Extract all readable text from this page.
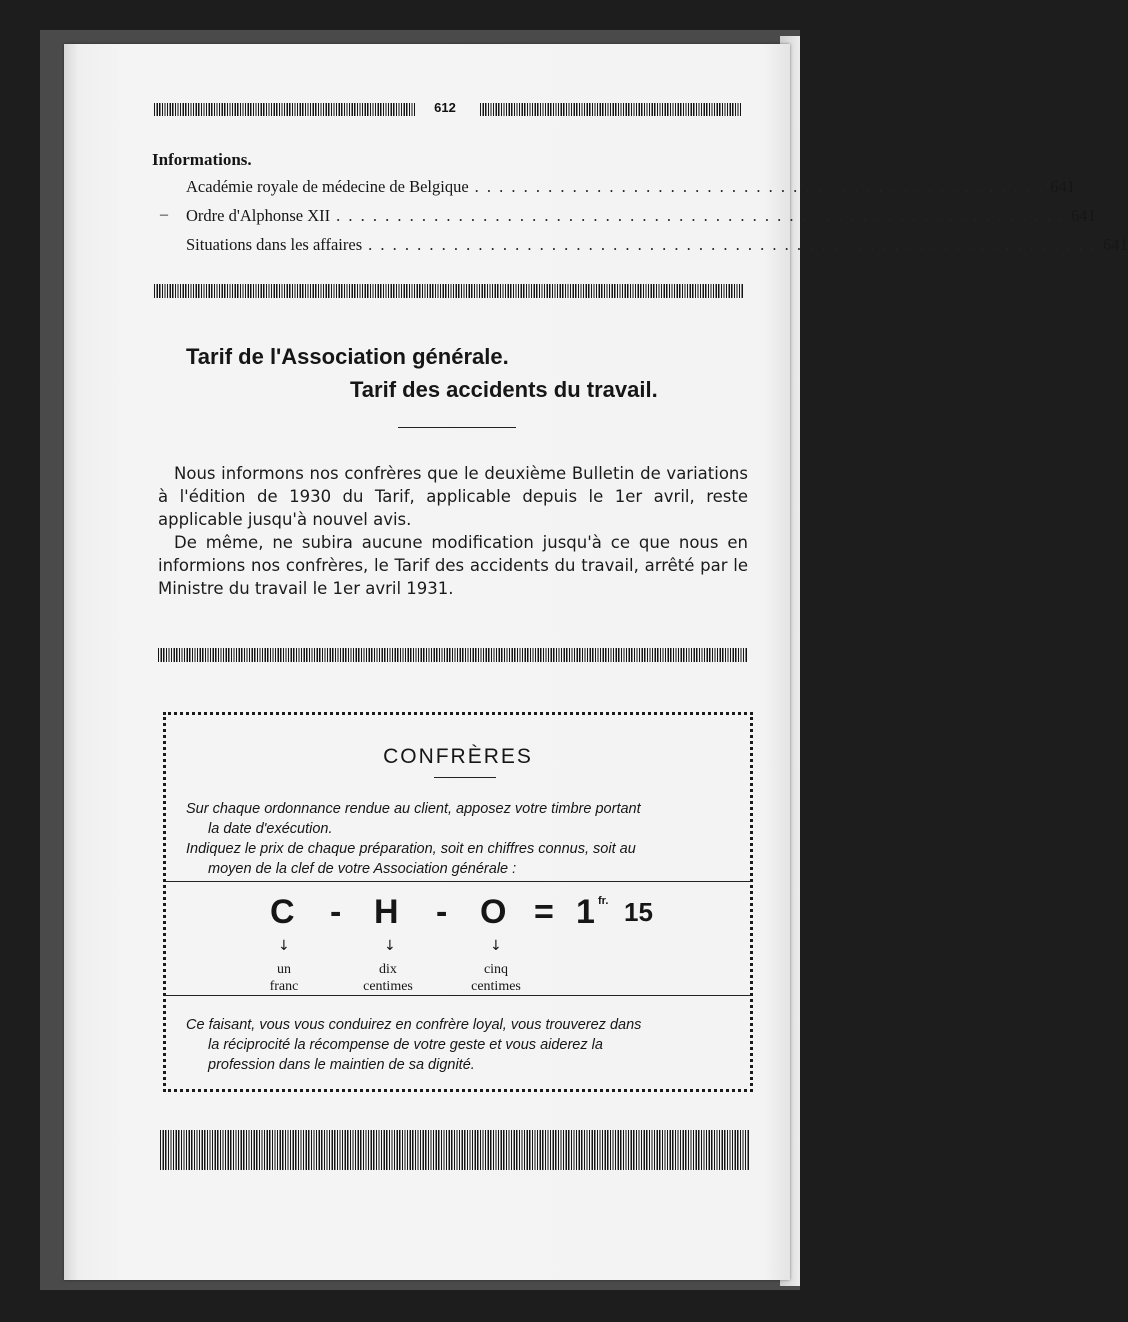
612
Informations.
Académie royale de médecine de Belgique . . . . . . . . . . . . . . . . . . . . . . . . . . . . . . . . . . . . . . . . . . . . . . . 641
Ordre d'Alphonse XII . . . . . . . . . . . . . . . . . . . . . . . . . . . . . . . . . . . . . . . . . . . . . . . . . . . . . . . . . . . . 641
Situations dans les affaires . . . . . . . . . . . . . . . . . . . . . . . . . . . . . . . . . . . . . . . . . . . . . . . . . . . . . . . . . . . . 641
–
Tarif de l'Association générale.
Tarif des accidents du travail.

Nous informons nos confrères que le deuxième Bulletin de variations à l'édition de 1930 du Tarif, applicable depuis le 1er avril, reste applicable jusqu'à nouvel avis.

De même, ne subira aucune modification jusqu'à ce que nous en informions nos confrères, le Tarif des accidents du travail, arrêté par le Ministre du travail le 1er avril 1931.

CONFRÈRES
Sur chaque ordonnance rendue au client, apposez votre timbre portant
la date d'exécution.
Indiquez le prix de chaque préparation, soit en chiffres connus, soit au
moyen de la clef de votre Association générale :
C - H - O = 1 fr. 15
↓	↓	↓
un
franc
dix
centimes
cinq
centimes
Ce faisant, vous vous conduirez en confrère loyal, vous trouverez dans
la réciprocité la récompense de votre geste et vous aiderez la
profession dans le maintien de sa dignité.
